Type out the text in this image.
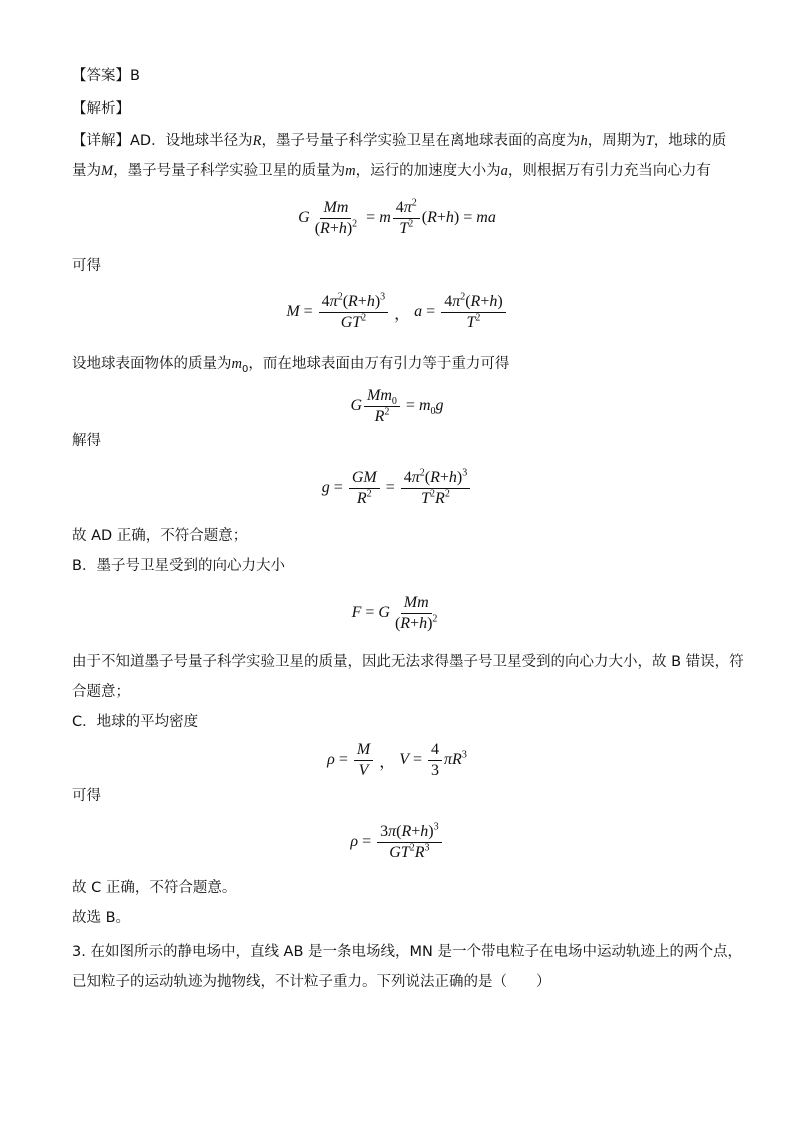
【答案】B
【解析】
【详解】AD．设地球半径为R，墨子号量子科学实验卫星在离地球表面的高度为h，周期为T，地球的质
量为M，墨子号量子科学实验卫星的质量为m，运行的加速度大小为a，则根据万有引力充当向心力有
G $\frac{Mm}{(R+h)^2} = m \frac{4\pi^2}{T^2}$ ( R + h ) = ma
可得
$M = \frac{4\pi^2(R+h)^3}{GT^2}$ ， $a = \frac{4\pi^2(R+h)}{T^2}$
设地球表面物体的质量为$m_0$，而在地球表面由万有引力等于重力可得
G $\frac{Mm_0}{R^2} = m_0g$
解得
$g = \frac{GM}{R^2} = \frac{4\pi^2(R+h)^3}{T^2R^2}$
故 AD 正确，不符合题意；
B．墨子号卫星受到的向心力大小
F = G $\frac{Mm}{(R+h)^2}$
由于不知道墨子号量子科学实验卫星的质量，因此无法求得墨子号卫星受到的向心力大小，故 B 错误，符
合题意；
C．地球的平均密度
$\rho = \frac{M}{V}$ ， $V = \frac{4}{3} \pi R^3$
可得
$\rho = \frac{3\pi(R+h)^3}{GT^2R^3}$
故 C 正确，不符合题意。
故选 B。
3. 在如图所示的静电场中，直线 AB 是一条电场线，MN 是一个带电粒子在电场中运动轨迹上的两个点，
已知粒子的运动轨迹为抛物线，不计粒子重力。下列说法正确的是（　　）
